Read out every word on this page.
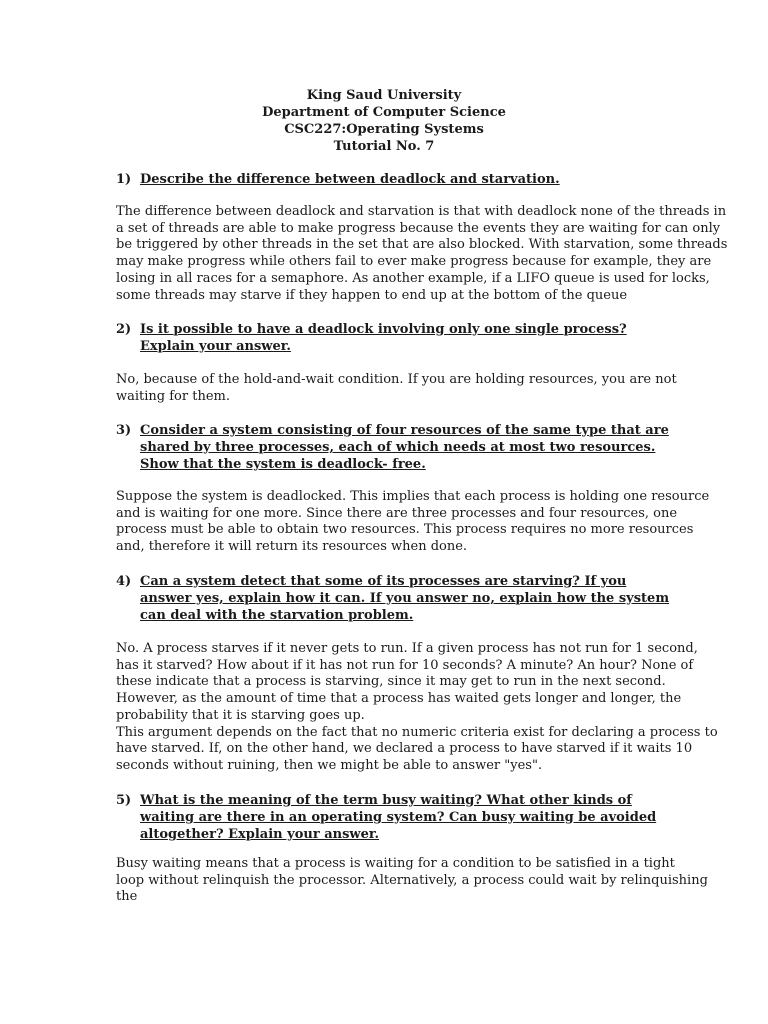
King Saud University
Department of Computer Science
CSC227:Operating Systems
Tutorial No. 7
1) Describe the difference between deadlock and starvation.
The difference between deadlock and starvation is that with deadlock none of the threads in
a set of threads are able to make progress because the events they are waiting for can only
be triggered by other threads in the set that are also blocked. With starvation, some threads
may make progress while others fail to ever make progress because for example, they are
losing in all races for a semaphore. As another example, if a LIFO queue is used for locks,
some threads may starve if they happen to end up at the bottom of the queue
2) Is it possible to have a deadlock involving only one single process? Explain your answer.
No, because of the hold-and-wait condition. If you are holding resources, you are not
waiting for them.
3) Consider a system consisting of four resources of the same type that are shared by three processes, each of which needs at most two resources. Show that the system is deadlock- free.
Suppose the system is deadlocked. This implies that each process is holding one resource
and is waiting for one more. Since there are three processes and four resources, one
process must be able to obtain two resources. This process requires no more resources
and, therefore it will return its resources when done.
4) Can a system detect that some of its processes are starving? If you answer yes, explain how it can. If you answer no, explain how the system can deal with the starvation problem.
No. A process starves if it never gets to run. If a given process has not run for 1 second,
has it starved? How about if it has not run for 10 seconds? A minute? An hour? None of
these indicate that a process is starving, since it may get to run in the next second.
However, as the amount of time that a process has waited gets longer and longer, the
probability that it is starving goes up.
This argument depends on the fact that no numeric criteria exist for declaring a process to
have starved. If, on the other hand, we declared a process to have starved if it waits 10
seconds without ruining, then we might be able to answer "yes".
5) What is the meaning of the term busy waiting? What other kinds of waiting are there in an operating system? Can busy waiting be avoided altogether? Explain your answer.
Busy waiting means that a process is waiting for a condition to be satisfied in a tight
loop without relinquish the processor. Alternatively, a process could wait by relinquishing
the
